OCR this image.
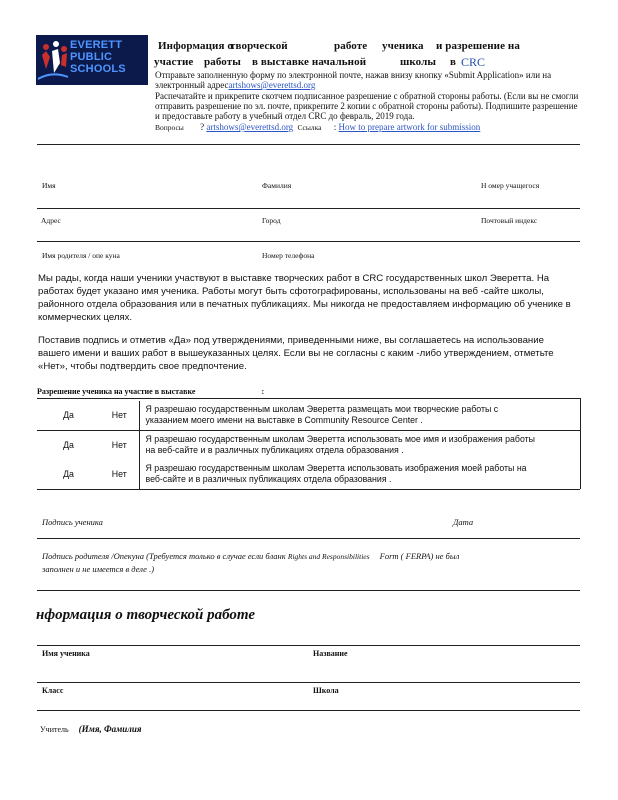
EVERETT
PUBLIC
SCHOOLS
Информация о
творческой	работе ученика и разрешение на
участие работы в выставке начальной	школы в CRC
Отправьте заполненную форму по электронной почте, нажав внизу кнопку «Submit Application» или на
электронный адресartshows@everettsd.org
Распечатайте и прикрепите скотчем подписанное разрешение с обратной стороны работы. (Если вы не смогли
отправить разрешение по эл. почте, прикрепите 2 копии с обратной стороны работы). Подпишите разрешение
и предоставьте работу в учебный отдел CRC до февраль, 2019 года.
Вопросы ? artshows@everettsd.org Ссылка : How to prepare artwork for submission
Имя	Фамилия	Н омер учащегося
Адрес	Город	Почтовый индекс
Имя родителя / опе куна	Номер телефона
Мы рады, когда наши ученики участвуют в выставке творческих работ в CRC государственных школ Эверетта. На
работах будет указано имя ученика. Работы могут быть сфотографированы, использованы на веб -сайте школы,
районного отдела образования или в печатных публикациях. Мы никогда не предоставляем информацию об ученике в
коммерческих целях.
Поставив подпись и отметив «Да» под утверждениями, приведенными ниже, вы соглашаетесь на использование
вашего имени и ваших работ в вышеуказанных целях. Если вы не согласны с каким -либо утверждением, отметьте
«Нет», чтобы подтвердить свое предпочтение.
Разрешение ученика на участие в выставке	:
Да	Нет	Я разрешаю государственным школам Эверетта размещать мои творческие работы с
указанием моего имени на выставке в Community Resource Center .

Да	Нет	Я разрешаю государственным школам Эверетта использовать мое имя и изображения работы
на веб-сайте и в различных публикациях отдела образования .

Да	Нет	Я разрешаю государственным школам Эверетта использовать изображения моей работы на
веб-сайте и в различных публикациях отдела образования .
Подпись ученика	Дата
Подпись родителя /Опекуна (Требуется только в случае если бланк Rights and Responsibilities Form ( FERPA) не был
заполнен и не имеется в деле .)
нформация о творческой работе
Имя ученика	Название
Класс	Школа
Учитель (Имя, Фамилия
